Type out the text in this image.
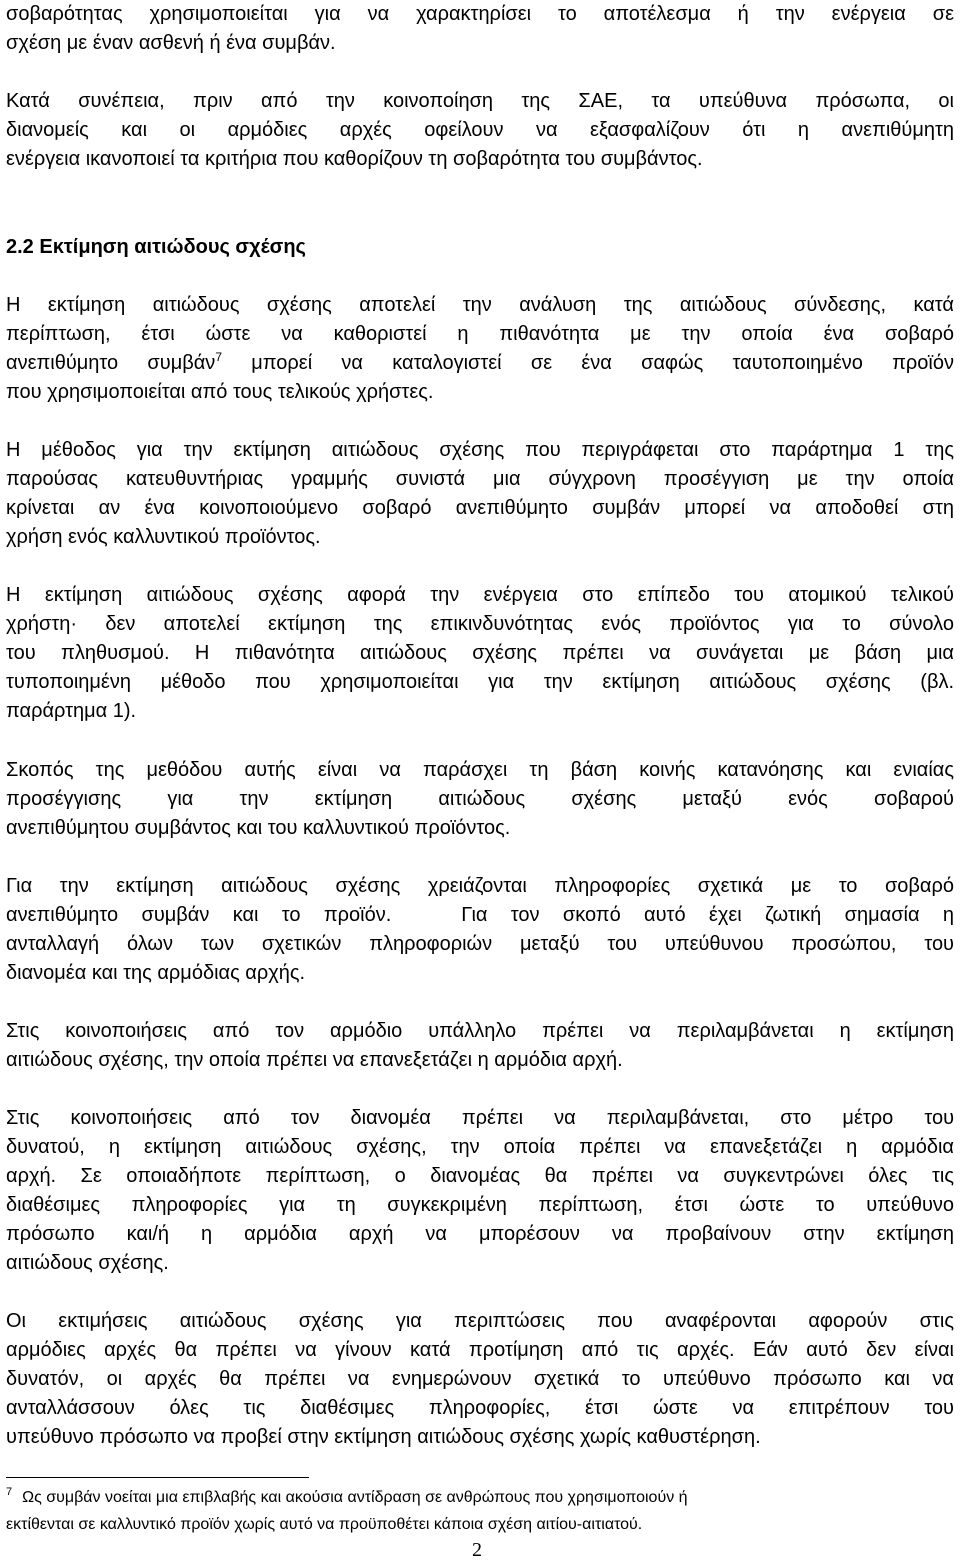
σοβαρότητας χρησιμοποιείται για να χαρακτηρίσει το αποτέλεσμα ή την ενέργεια σε
σχέση με έναν ασθενή ή ένα συμβάν.

Κατά συνέπεια, πριν από την κοινοποίηση της ΣΑΕ, τα υπεύθυνα πρόσωπα, οι
διανομείς και οι αρμόδιες αρχές οφείλουν να εξασφαλίζουν ότι η ανεπιθύμητη
ενέργεια ικανοποιεί τα κριτήρια που καθορίζουν τη σοβαρότητα του συμβάντος.

2.2 Εκτίμηση αιτιώδους σχέσης

Η εκτίμηση αιτιώδους σχέσης αποτελεί την ανάλυση της αιτιώδους σύνδεσης, κατά
περίπτωση, έτσι ώστε να καθοριστεί η πιθανότητα με την οποία ένα σοβαρό
ανεπιθύμητο συμβάν$^7$ μπορεί να καταλογιστεί σε ένα σαφώς ταυτοποιημένο προϊόν
που χρησιμοποιείται από τους τελικούς χρήστες.

Η μέθοδος για την εκτίμηση αιτιώδους σχέσης που περιγράφεται στο παράρτημα 1 της
παρούσας κατευθυντήριας γραμμής συνιστά μια σύγχρονη προσέγγιση με την οποία
κρίνεται αν ένα κοινοποιούμενο σοβαρό ανεπιθύμητο συμβάν μπορεί να αποδοθεί στη
χρήση ενός καλλυντικού προϊόντος.

Η εκτίμηση αιτιώδους σχέσης αφορά την ενέργεια στο επίπεδο του ατομικού τελικού
χρήστη· δεν αποτελεί εκτίμηση της επικινδυνότητας ενός προϊόντος για το σύνολο
του πληθυσμού. Η πιθανότητα αιτιώδους σχέσης πρέπει να συνάγεται με βάση μια
τυποποιημένη μέθοδο που χρησιμοποιείται για την εκτίμηση αιτιώδους σχέσης (βλ.
παράρτημα 1).

Σκοπός της μεθόδου αυτής είναι να παράσχει τη βάση κοινής κατανόησης και ενιαίας
προσέγγισης για την εκτίμηση αιτιώδους σχέσης μεταξύ ενός σοβαρού
ανεπιθύμητου συμβάντος και του καλλυντικού προϊόντος.

Για την εκτίμηση αιτιώδους σχέσης χρειάζονται πληροφορίες σχετικά με το σοβαρό
ανεπιθύμητο συμβάν και το προϊόν.   Για τον σκοπό αυτό έχει ζωτική σημασία η
ανταλλαγή όλων των σχετικών πληροφοριών μεταξύ του υπεύθυνου προσώπου, του
διανομέα και της αρμόδιας αρχής.

Στις κοινοποιήσεις από τον αρμόδιο υπάλληλο πρέπει να περιλαμβάνεται η εκτίμηση
αιτιώδους σχέσης, την οποία πρέπει να επανεξετάζει η αρμόδια αρχή.

Στις κοινοποιήσεις από τον διανομέα πρέπει να περιλαμβάνεται, στο μέτρο του
δυνατού, η εκτίμηση αιτιώδους σχέσης, την οποία πρέπει να επανεξετάζει η αρμόδια
αρχή. Σε οποιαδήποτε περίπτωση, ο διανομέας θα πρέπει να συγκεντρώνει όλες τις
διαθέσιμες πληροφορίες για τη συγκεκριμένη περίπτωση, έτσι ώστε το υπεύθυνο
πρόσωπο και/ή η αρμόδια αρχή να μπορέσουν να προβαίνουν στην εκτίμηση
αιτιώδους σχέσης.

Οι εκτιμήσεις αιτιώδους σχέσης για περιπτώσεις που αναφέρονται αφορούν στις
αρμόδιες αρχές θα πρέπει να γίνουν κατά προτίμηση από τις αρχές. Εάν αυτό δεν είναι
δυνατόν, οι αρχές θα πρέπει να ενημερώνουν σχετικά το υπεύθυνο πρόσωπο και να
ανταλλάσσουν όλες τις διαθέσιμες πληροφορίες, έτσι ώστε να επιτρέπουν του
υπεύθυνο πρόσωπο να προβεί στην εκτίμηση αιτιώδους σχέσης χωρίς καθυστέρηση.

$^7$ Ως συμβάν νοείται μια επιβλαβής και ακούσια αντίδραση σε ανθρώπους που χρησιμοποιούν ή
εκτίθενται σε καλλυντικό προϊόν χωρίς αυτό να προϋποθέτει κάποια σχέση αιτίου-αιτιατού.
2
